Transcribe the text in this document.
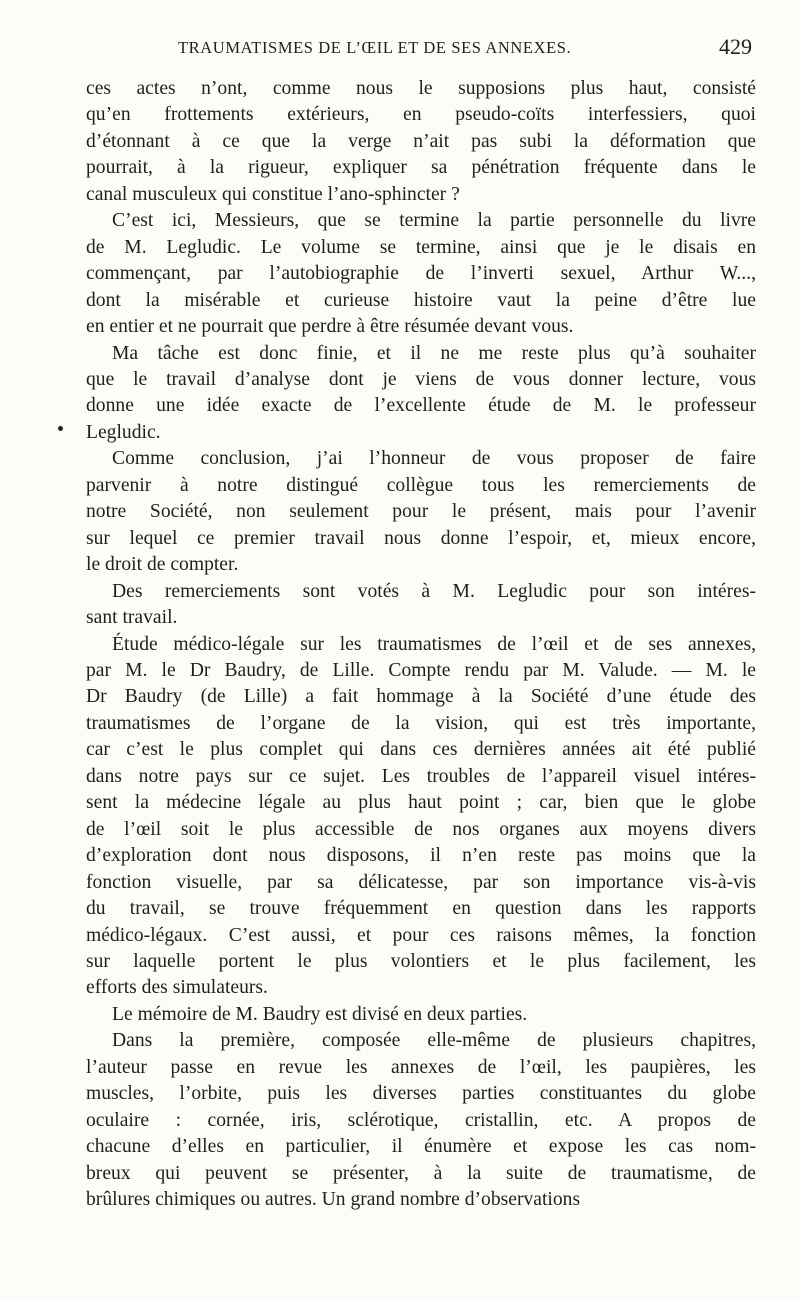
TRAUMATISMES DE L’ŒIL ET DE SES ANNEXES.	429
ces actes n’ont, comme nous le supposions plus haut, consisté
qu’en frottements extérieurs, en pseudo-coïts interfessiers, quoi
d’étonnant à ce que la verge n’ait pas subi la déformation que
pourrait, à la rigueur, expliquer sa pénétration fréquente dans le
canal musculeux qui constitue l’ano-sphincter ?
C’est ici, Messieurs, que se termine la partie personnelle du livre
de M. Legludic. Le volume se termine, ainsi que je le disais en
commençant, par l’autobiographie de l’inverti sexuel, Arthur W...,
dont la misérable et curieuse histoire vaut la peine d’être lue
en entier et ne pourrait que perdre à être résumée devant vous.
Ma tâche est donc finie, et il ne me reste plus qu’à souhaiter
que le travail d’analyse dont je viens de vous donner lecture, vous
donne une idée exacte de l’excellente étude de M. le professeur
Legludic.
Comme conclusion, j’ai l’honneur de vous proposer de faire
parvenir à notre distingué collègue tous les remerciements de
notre Société, non seulement pour le présent, mais pour l’avenir
sur lequel ce premier travail nous donne l’espoir, et, mieux encore,
le droit de compter.
Des remerciements sont votés à M. Legludic pour son intéres-
sant travail.
Étude médico-légale sur les traumatismes de l’œil et de ses annexes,
par M. le Dr Baudry, de Lille. Compte rendu par M. Valude. — M. le
Dr Baudry (de Lille) a fait hommage à la Société d’une étude des
traumatismes de l’organe de la vision, qui est très importante,
car c’est le plus complet qui dans ces dernières années ait été publié
dans notre pays sur ce sujet. Les troubles de l’appareil visuel intéres-
sent la médecine légale au plus haut point ; car, bien que le globe
de l’œil soit le plus accessible de nos organes aux moyens divers
d’exploration dont nous disposons, il n’en reste pas moins que la
fonction visuelle, par sa délicatesse, par son importance vis-à-vis
du travail, se trouve fréquemment en question dans les rapports
médico-légaux. C’est aussi, et pour ces raisons mêmes, la fonction
sur laquelle portent le plus volontiers et le plus facilement, les
efforts des simulateurs.
Le mémoire de M. Baudry est divisé en deux parties.
Dans la première, composée elle-même de plusieurs chapitres,
l’auteur passe en revue les annexes de l’œil, les paupières, les
muscles, l’orbite, puis les diverses parties constituantes du globe
oculaire : cornée, iris, sclérotique, cristallin, etc. A propos de
chacune d’elles en particulier, il énumère et expose les cas nom-
breux qui peuvent se présenter, à la suite de traumatisme, de
brûlures chimiques ou autres. Un grand nombre d’observations
